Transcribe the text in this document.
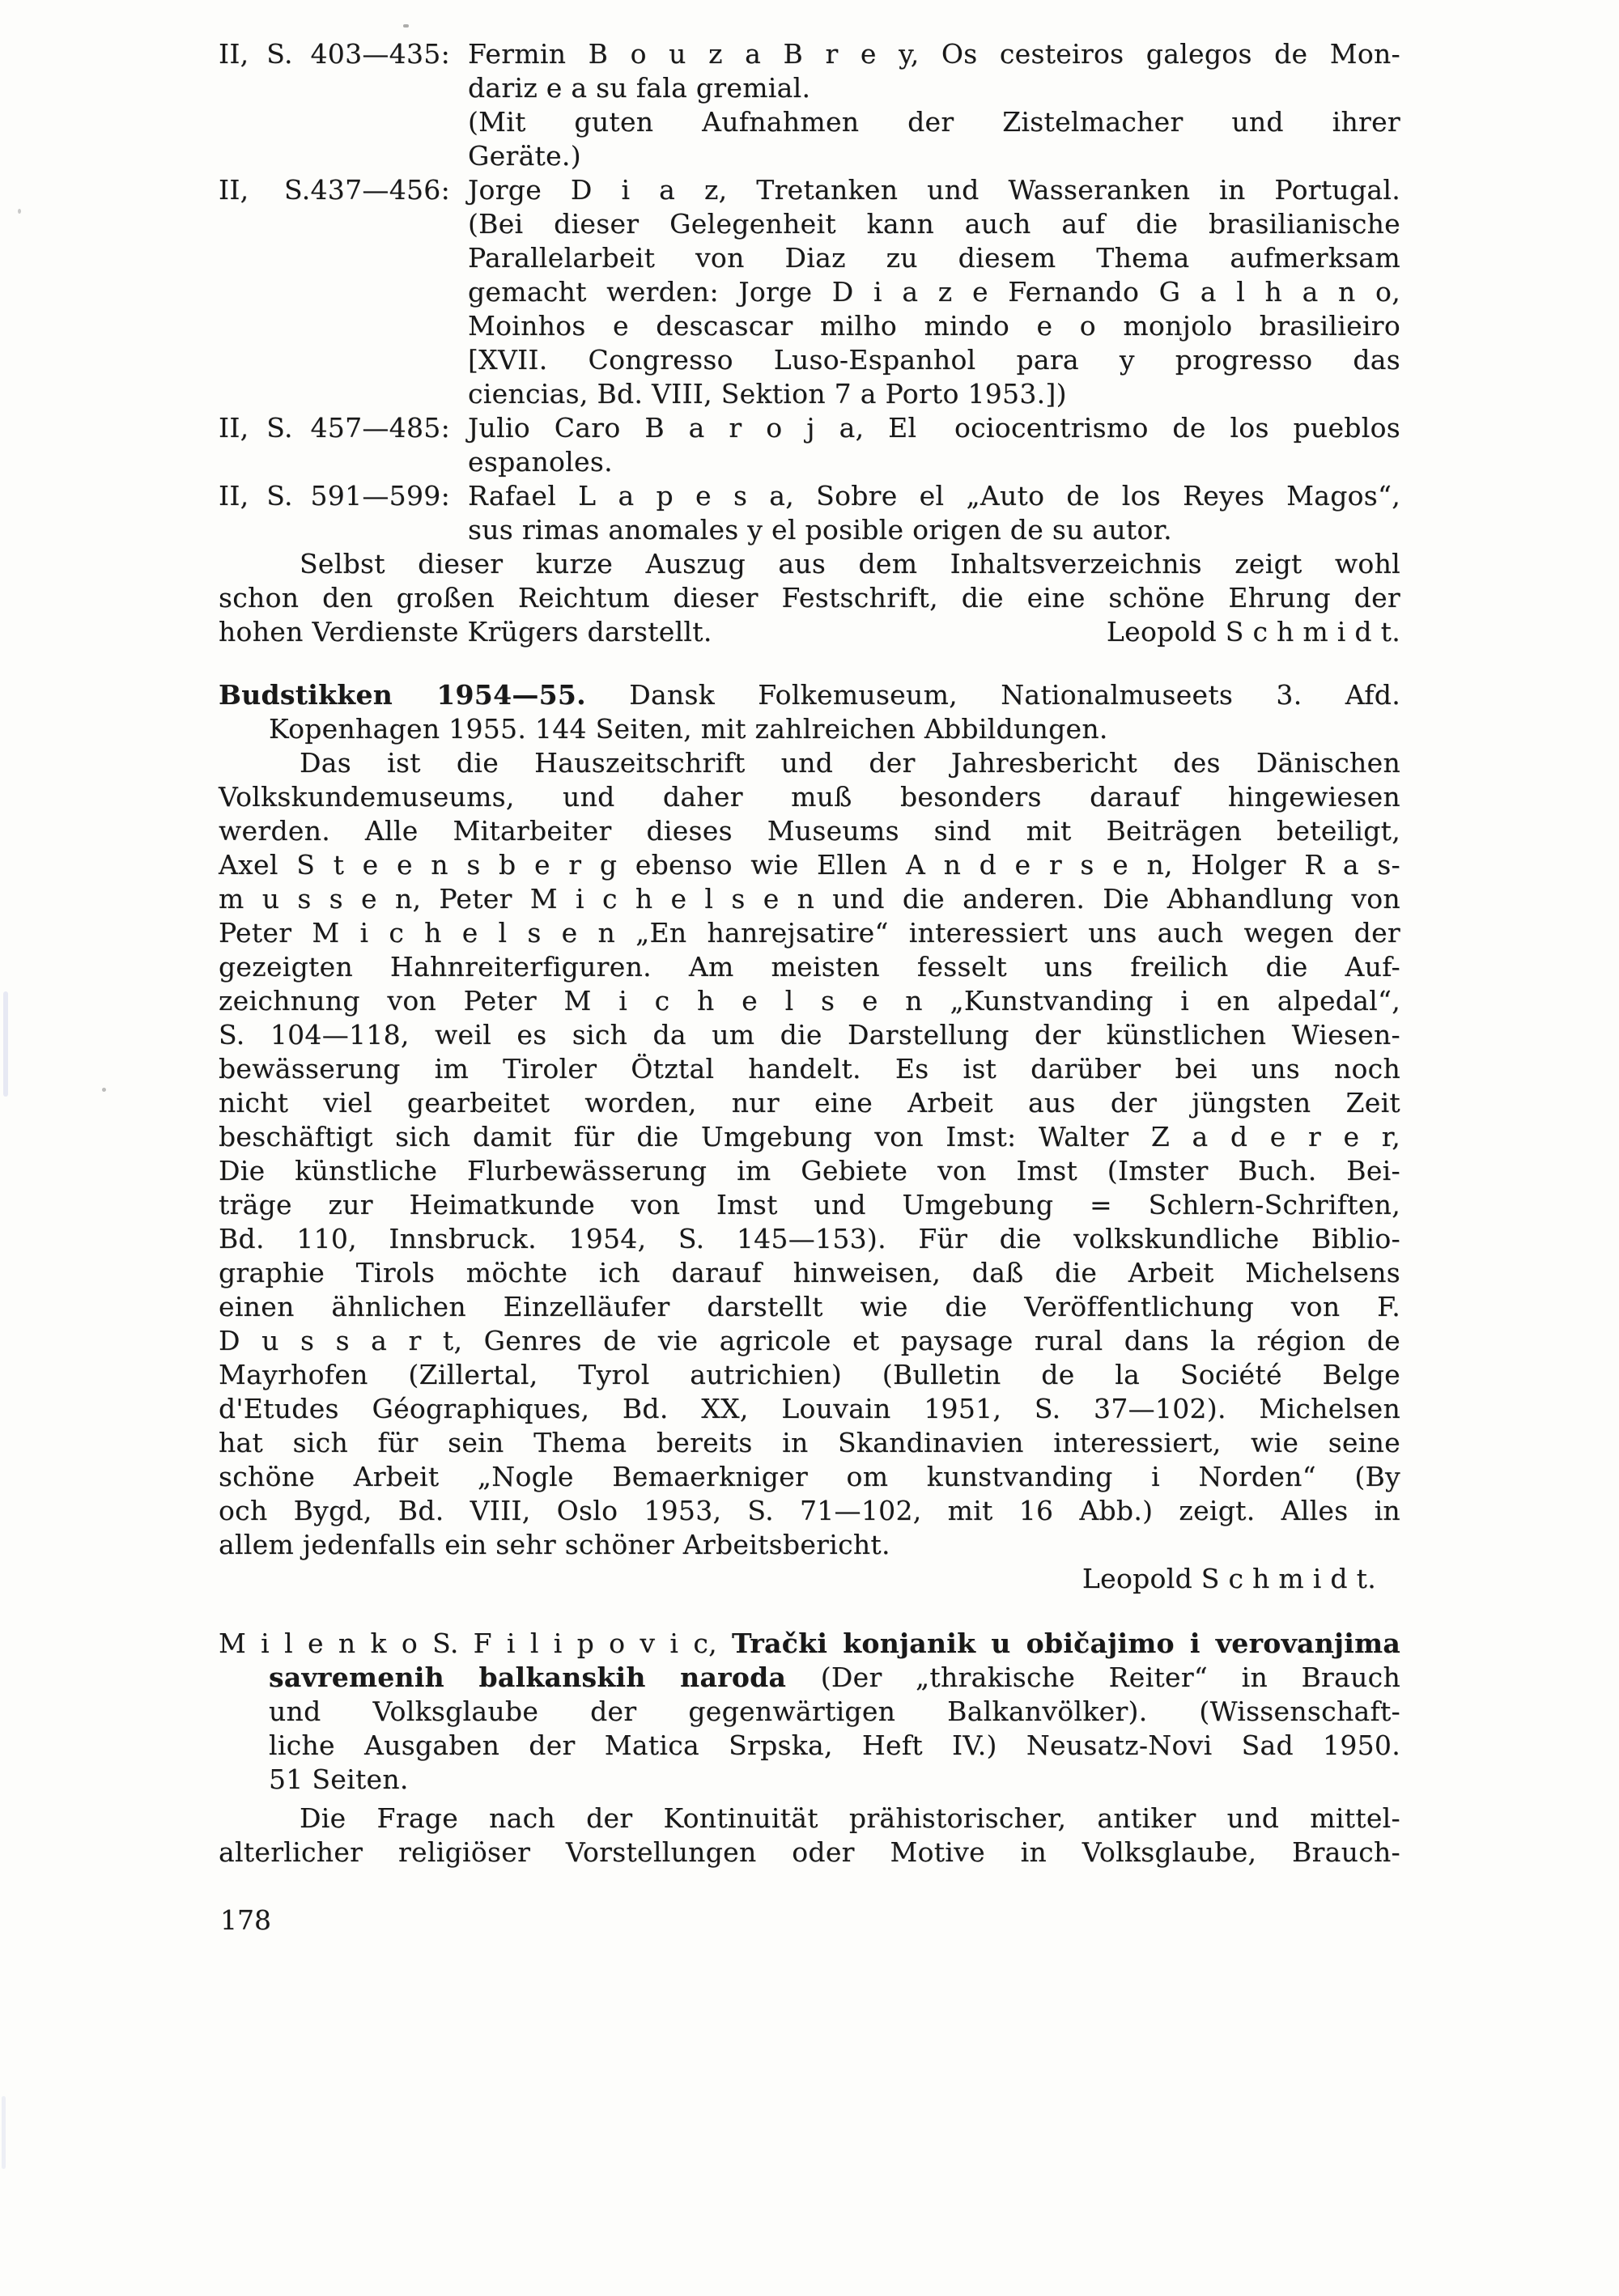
II, S. 403—435: Fermin B o u z a B r e y, Os cesteiros galegos de Mon-
dariz e a su fala gremial.
(Mit guten Aufnahmen der Zistelmacher und ihrer
Geräte.)
II, S.437—456: Jorge D i a z, Tretanken und Wasseranken in Portugal.
(Bei dieser Gelegenheit kann auch auf die brasilianische
Parallelarbeit von Diaz zu diesem Thema aufmerksam
gemacht werden: Jorge D i a z e Fernando G a l h a n o,
Moinhos e descascar milho mindo e o monjolo brasilieiro
[XVII. Congresso Luso-Espanhol para y progresso das
ciencias, Bd. VIII, Sektion 7 a Porto 1953.])
II, S. 457—485: Julio Caro B a r o j a, El  ociocentrismo de los pueblos
espanoles.
II, S. 591—599: Rafael L a p e s a, Sobre el „Auto de los Reyes Magos“,
sus rimas anomales y el posible origen de su autor.
Selbst dieser kurze Auszug aus dem Inhaltsverzeichnis zeigt wohl
schon den großen Reichtum dieser Festschrift, die eine schöne Ehrung der
hohen Verdienste Krügers darstellt.	Leopold S c h m i d t.
Budstikken 1954—55. Dansk Folkemuseum, Nationalmuseets 3. Afd.
Kopenhagen 1955. 144 Seiten, mit zahlreichen Abbildungen.
Das ist die Hauszeitschrift und der Jahresbericht des Dänischen
Volkskundemuseums, und daher muß besonders darauf hingewiesen
werden. Alle Mitarbeiter dieses Museums sind mit Beiträgen beteiligt,
Axel S t e e n s b e r g ebenso wie Ellen A n d e r s e n, Holger R a s-
m u s s e n, Peter M i c h e l s e n und die anderen. Die Abhandlung von
Peter M i c h e l s e n „En hanrejsatire“ interessiert uns auch wegen der
gezeigten Hahnreiterfiguren. Am meisten fesselt uns freilich die Auf-
zeichnung von Peter M i c h e l s e n „Kunstvanding i en alpedal“,
S. 104—118, weil es sich da um die Darstellung der künstlichen Wiesen-
bewässerung im Tiroler Ötztal handelt. Es ist darüber bei uns noch
nicht viel gearbeitet worden, nur eine Arbeit aus der jüngsten Zeit
beschäftigt sich damit für die Umgebung von Imst: Walter Z a d e r e r,
Die künstliche Flurbewässerung im Gebiete von Imst (Imster Buch. Bei-
träge zur Heimatkunde von Imst und Umgebung = Schlern-Schriften,
Bd. 110, Innsbruck. 1954, S. 145—153). Für die volkskundliche Biblio-
graphie Tirols möchte ich darauf hinweisen, daß die Arbeit Michelsens
einen ähnlichen Einzelläufer darstellt wie die Veröffentlichung von F.
D u s s a r t, Genres de vie agricole et paysage rural dans la région de
Mayrhofen (Zillertal, Tyrol autrichien) (Bulletin de la Société Belge
d'Etudes Géographiques, Bd. XX, Louvain 1951, S. 37—102). Michelsen
hat sich für sein Thema bereits in Skandinavien interessiert, wie seine
schöne Arbeit „Nogle Bemaerkniger om kunstvanding i Norden“ (By
och Bygd, Bd. VIII, Oslo 1953, S. 71—102, mit 16 Abb.) zeigt. Alles in
allem jedenfalls ein sehr schöner Arbeitsbericht.
Leopold S c h m i d t.
M i l e n k o S. F i l i p o v i c, Trački konjanik u običajimo i verovanjima
savremenih balkanskih naroda (Der „thrakische Reiter“ in Brauch
und Volksglaube der gegenwärtigen Balkanvölker). (Wissenschaft-
liche Ausgaben der Matica Srpska, Heft IV.) Neusatz-Novi Sad 1950.
51 Seiten.
Die Frage nach der Kontinuität prähistorischer, antiker und mittel-
alterlicher religiöser Vorstellungen oder Motive in Volksglaube, Brauch-
178
